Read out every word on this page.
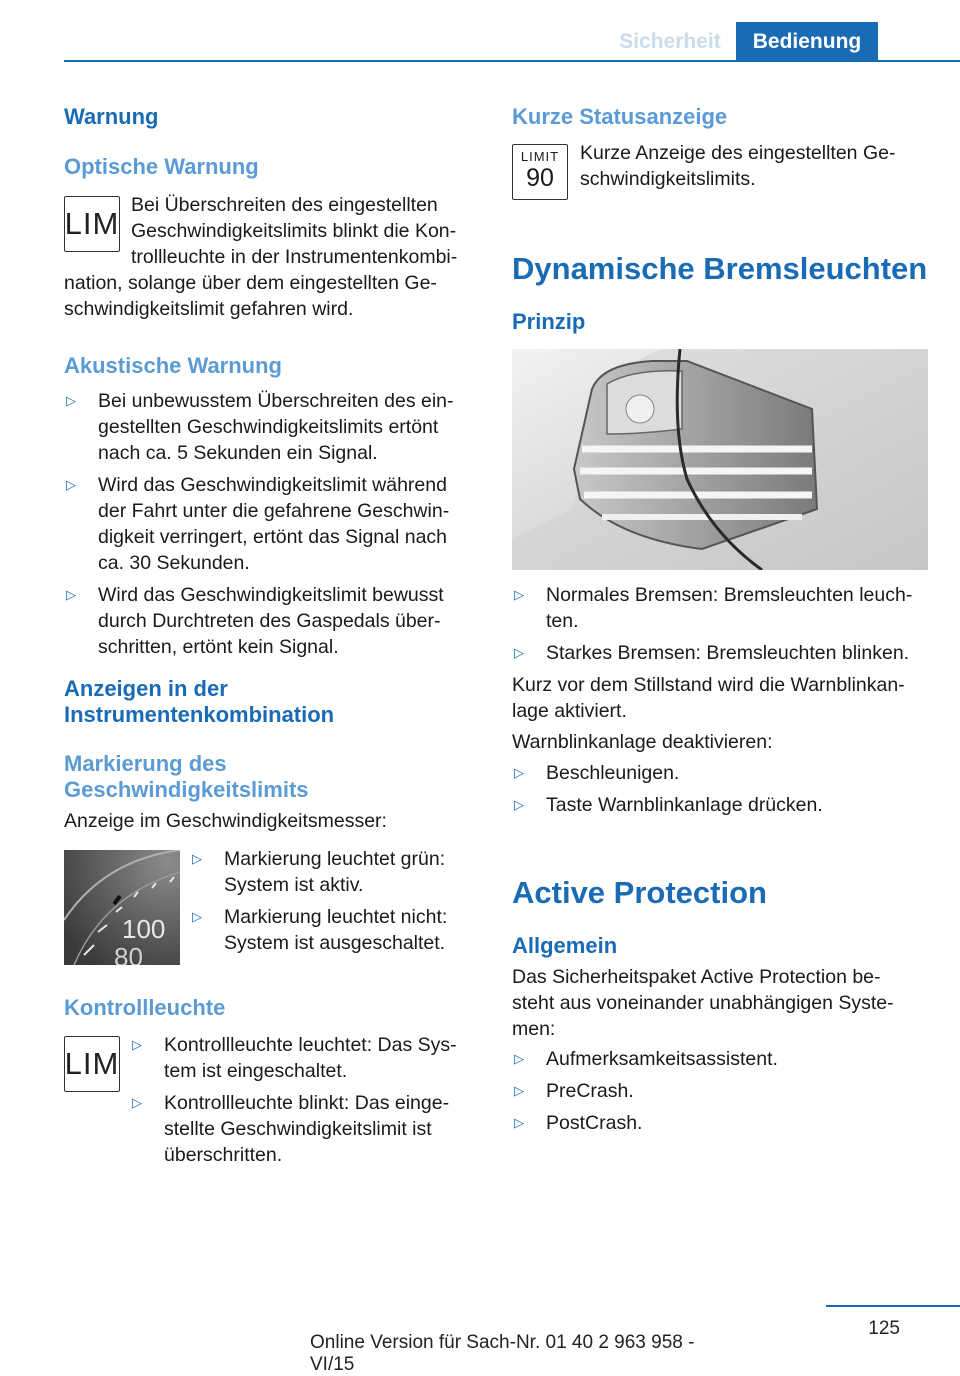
Sicherheit	Bedienung
Warnung
Optische Warnung
LIM
Bei Überschreiten des eingestellten
Geschwindigkeitslimits blinkt die Kon-
trollleuchte in der Instrumentenkombi-
nation, solange über dem eingestellten Ge-
schwindigkeitslimit gefahren wird.
Akustische Warnung
▷ Bei unbewusstem Überschreiten des ein-
gestellten Geschwindigkeitslimits ertönt
nach ca. 5 Sekunden ein Signal.
▷ Wird das Geschwindigkeitslimit während
der Fahrt unter die gefahrene Geschwin-
digkeit verringert, ertönt das Signal nach
ca. 30 Sekunden.
▷ Wird das Geschwindigkeitslimit bewusst
durch Durchtreten des Gaspedals über-
schritten, ertönt kein Signal.
Anzeigen in der
Instrumentenkombination
Markierung des
Geschwindigkeitslimits
Anzeige im Geschwindigkeitsmesser:
100
80
▷ Markierung leuchtet grün:
System ist aktiv.
▷ Markierung leuchtet nicht:
System ist ausgeschaltet.
Kontrollleuchte
LIM
▷ Kontrollleuchte leuchtet: Das Sys-
tem ist eingeschaltet.
▷ Kontrollleuchte blinkt: Das einge-
stellte Geschwindigkeitslimit ist
überschritten.
Kurze Statusanzeige
LIMIT
90
Kurze Anzeige des eingestellten Ge-
schwindigkeitslimits.
Dynamische Bremsleuchten
Prinzip
▷ Normales Bremsen: Bremsleuchten leuch-
ten.
▷ Starkes Bremsen: Bremsleuchten blinken.
Kurz vor dem Stillstand wird die Warnblinkan-
lage aktiviert.
Warnblinkanlage deaktivieren:
▷ Beschleunigen.
▷ Taste Warnblinkanlage drücken.
Active Protection
Allgemein
Das Sicherheitspaket Active Protection be-
steht aus voneinander unabhängigen Syste-
men:
▷ Aufmerksamkeitsassistent.
▷ PreCrash.
▷ PostCrash.
125
Online Version für Sach-Nr. 01 40 2 963 958 - VI/15
